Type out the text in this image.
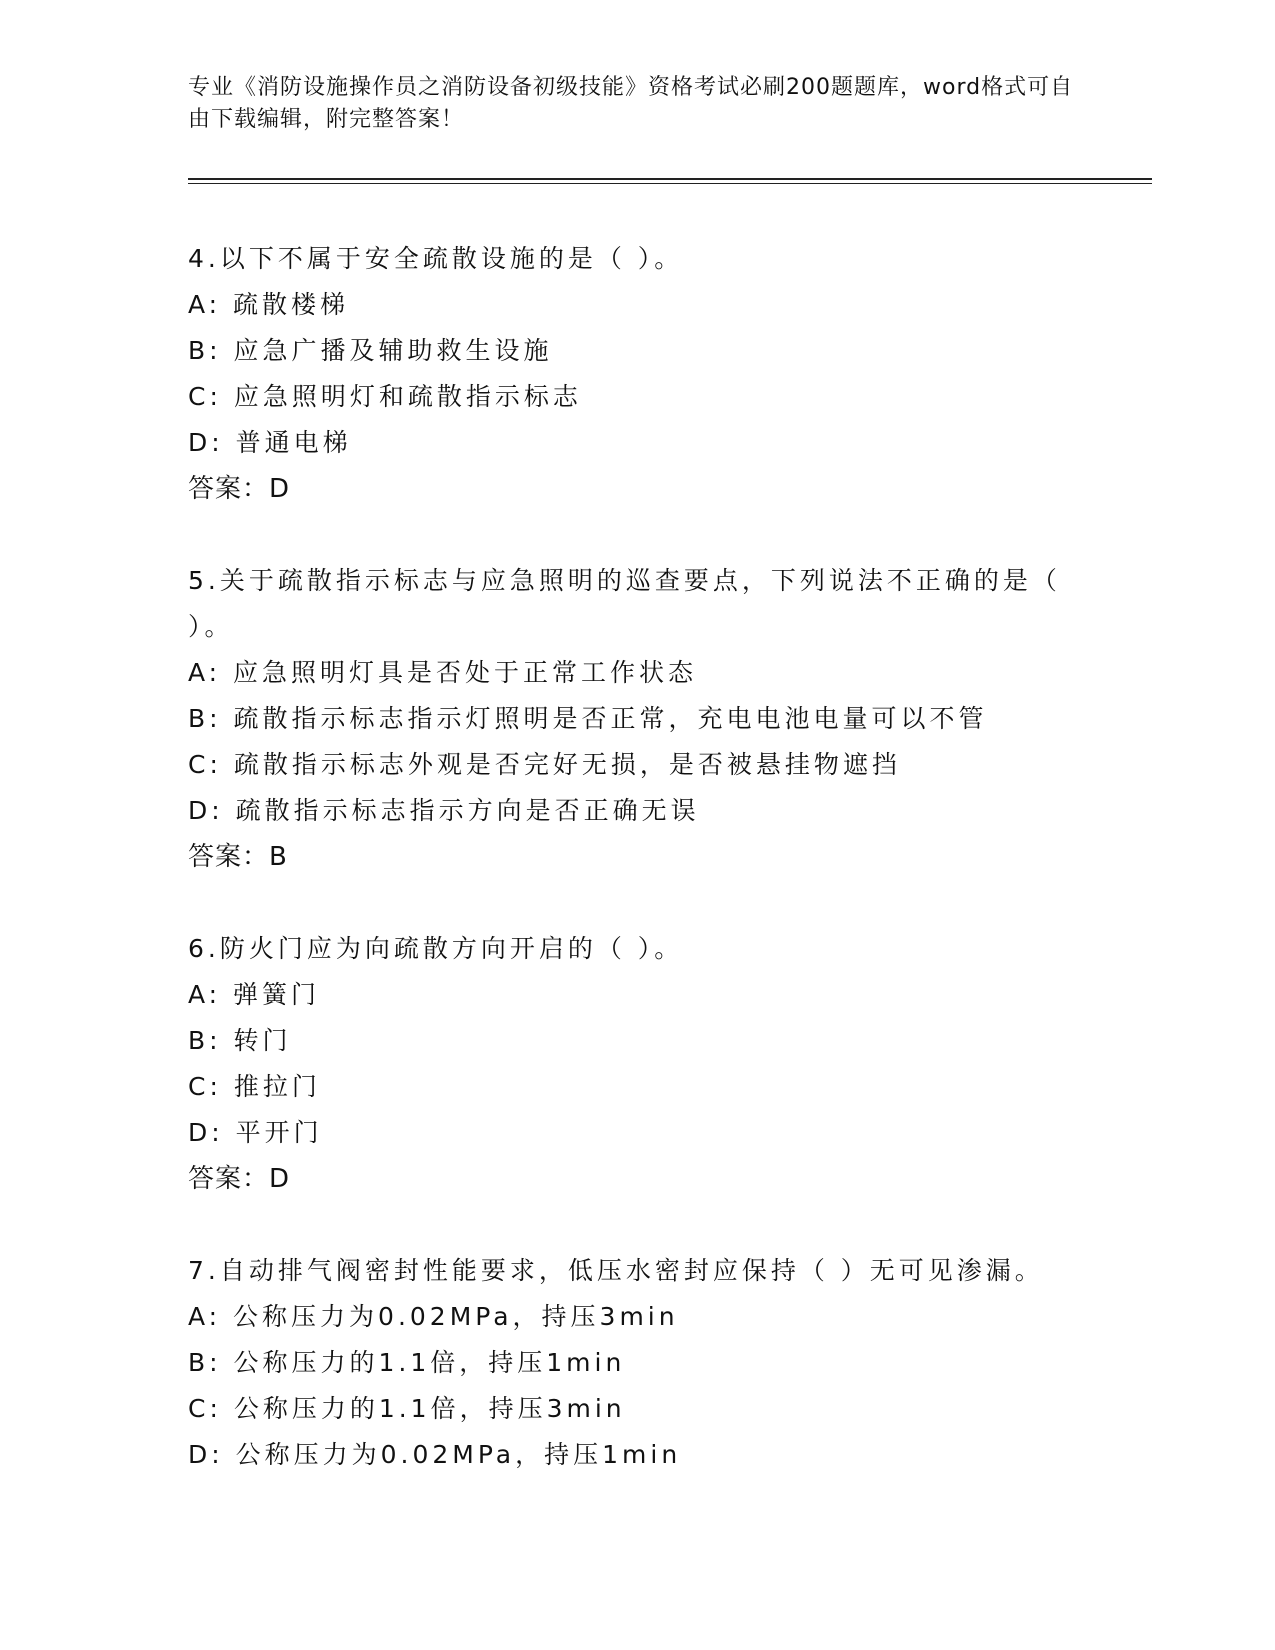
专业《消防设施操作员之消防设备初级技能》资格考试必刷200题题库，word格式可自由下载编辑，附完整答案！
4.以下不属于安全疏散设施的是（ ）。
A: 疏散楼梯
B: 应急广播及辅助救生设施
C: 应急照明灯和疏散指示标志
D: 普通电梯
答案：D
5.关于疏散指示标志与应急照明的巡查要点，下列说法不正确的是（ ）。
A: 应急照明灯具是否处于正常工作状态
B: 疏散指示标志指示灯照明是否正常，充电电池电量可以不管
C: 疏散指示标志外观是否完好无损，是否被悬挂物遮挡
D: 疏散指示标志指示方向是否正确无误
答案：B
6.防火门应为向疏散方向开启的（ ）。
A: 弹簧门
B: 转门
C: 推拉门
D: 平开门
答案：D
7.自动排气阀密封性能要求，低压水密封应保持（ ）无可见渗漏。
A: 公称压力为0.02MPa，持压3min
B: 公称压力的1.1倍，持压1min
C: 公称压力的1.1倍，持压3min
D: 公称压力为0.02MPa，持压1min
